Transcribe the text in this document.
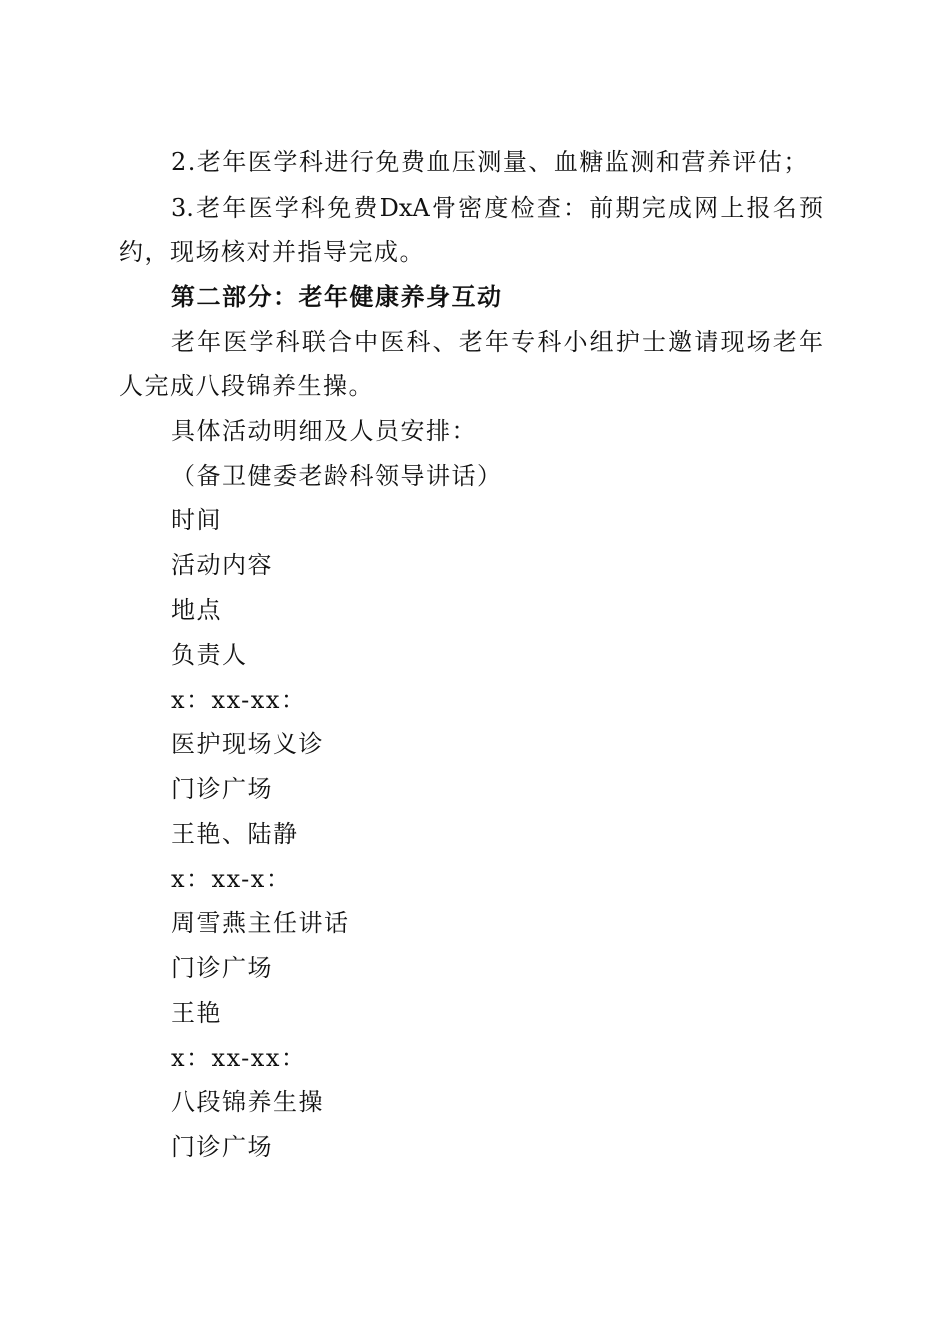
2.老年医学科进行免费血压测量、血糖监测和营养评估；
3.老年医学科免费DxA骨密度检查：前期完成网上报名预
约，现场核对并指导完成。
第二部分：老年健康养身互动
老年医学科联合中医科、老年专科小组护士邀请现场老年
人完成八段锦养生操。
具体活动明细及人员安排：
（备卫健委老龄科领导讲话）
时间
活动内容
地点
负责人
x：xx-xx：
医护现场义诊
门诊广场
王艳、陆静
x：xx-x：
周雪燕主任讲话
门诊广场
王艳
x：xx-xx：
八段锦养生操
门诊广场
